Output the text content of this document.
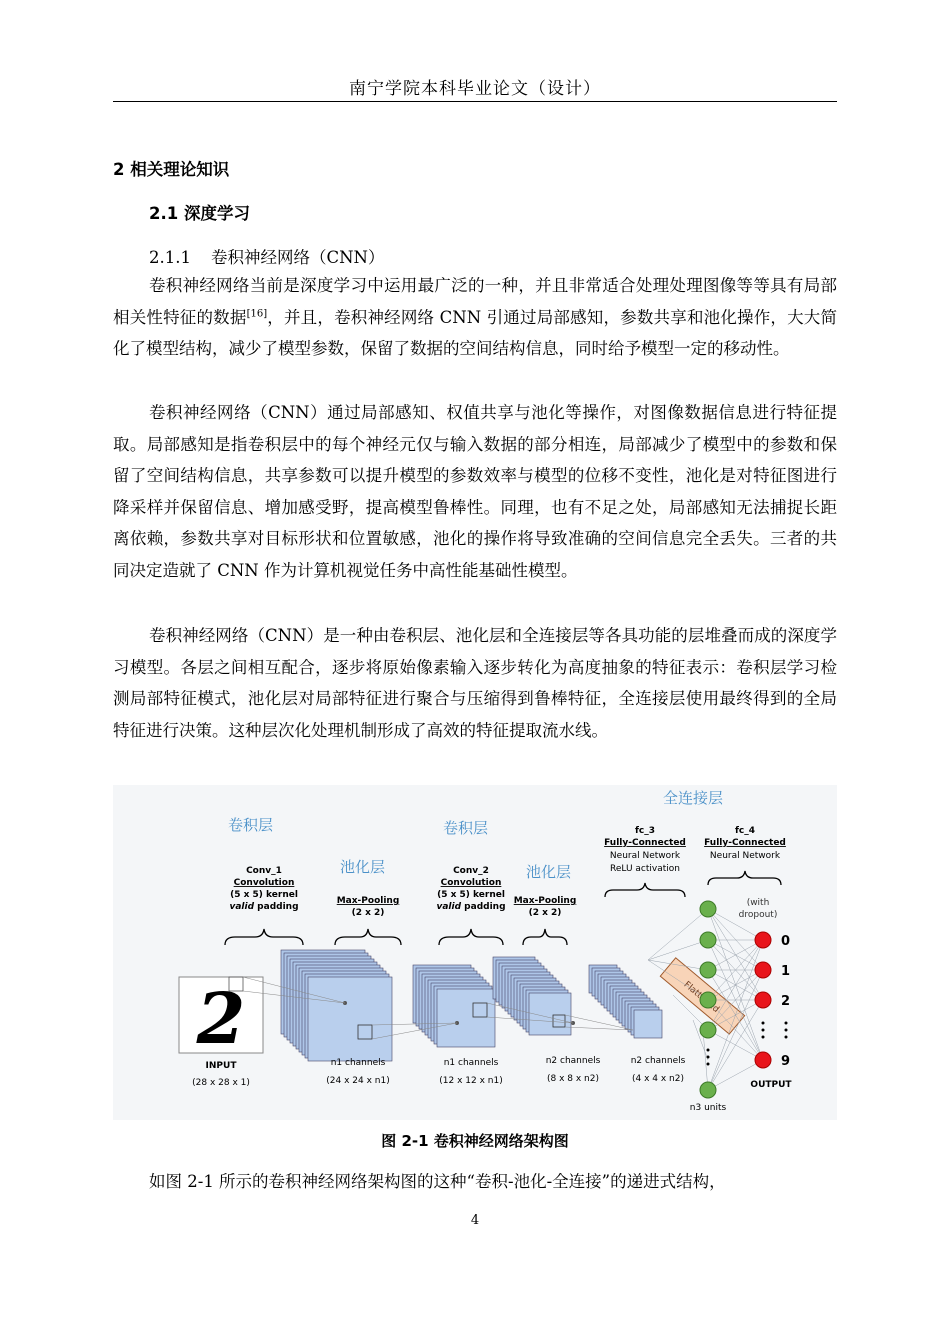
南宁学院本科毕业论文（设计）
2 相关理论知识
2.1 深度学习
2.1.1 卷积神经网络（CNN）

卷积神经网络当前是深度学习中运用最广泛的一种，并且非常适合处理处理图像等等具有局部相关性特征的数据[16]，并且，卷积神经网络 CNN 引通过局部感知，参数共享和池化操作，大大简化了模型结构，减少了模型参数，保留了数据的空间结构信息，同时给予模型一定的移动性。

卷积神经网络（CNN）通过局部感知、权值共享与池化等操作，对图像数据信息进行特征提取。局部感知是指卷积层中的每个神经元仅与输入数据的部分相连，局部减少了模型中的参数和保留了空间结构信息，共享参数可以提升模型的参数效率与模型的位移不变性，池化是对特征图进行降采样并保留信息、增加感受野，提高模型鲁棒性。同理，也有不足之处，局部感知无法捕捉长距离依赖，参数共享对目标形状和位置敏感，池化的操作将导致准确的空间信息完全丢失。三者的共同决定造就了 CNN 作为计算机视觉任务中高性能基础性模型。

卷积神经网络（CNN）是一种由卷积层、池化层和全连接层等各具功能的层堆叠而成的深度学习模型。各层之间相互配合，逐步将原始像素输入逐步转化为高度抽象的特征表示：卷积层学习检测局部特征模式，池化层对局部特征进行聚合与压缩得到鲁棒特征，全连接层使用最终得到的全局特征进行决策。这种层次化处理机制形成了高效的特征提取流水线。

卷积层
池化层
卷积层
池化层
全连接层
Conv_1
Convolution
(5 x 5) kernel
valid padding
Max-Pooling
(2 x 2)
Conv_2
Convolution
(5 x 5) kernel
valid padding
Max-Pooling
(2 x 2)
fc_3
Fully-Connected
Neural Network
ReLU activation
fc_4
Fully-Connected
Neural Network
(with
dropout)
2
INPUT
(28 x 28 x 1)
n1 channels
(24 x 24 x n1)
n1 channels
(12 x 12 x n1)
n2 channels
(8 x 8 x n2)
n2 channels
(4 x 4 x n2)
n3 units
0
1
2
9
OUTPUT
图 2-1 卷积神经网络架构图

如图 2-1 所示的卷积神经网络架构图的这种“卷积-池化-全连接”的递进式结构，

4
